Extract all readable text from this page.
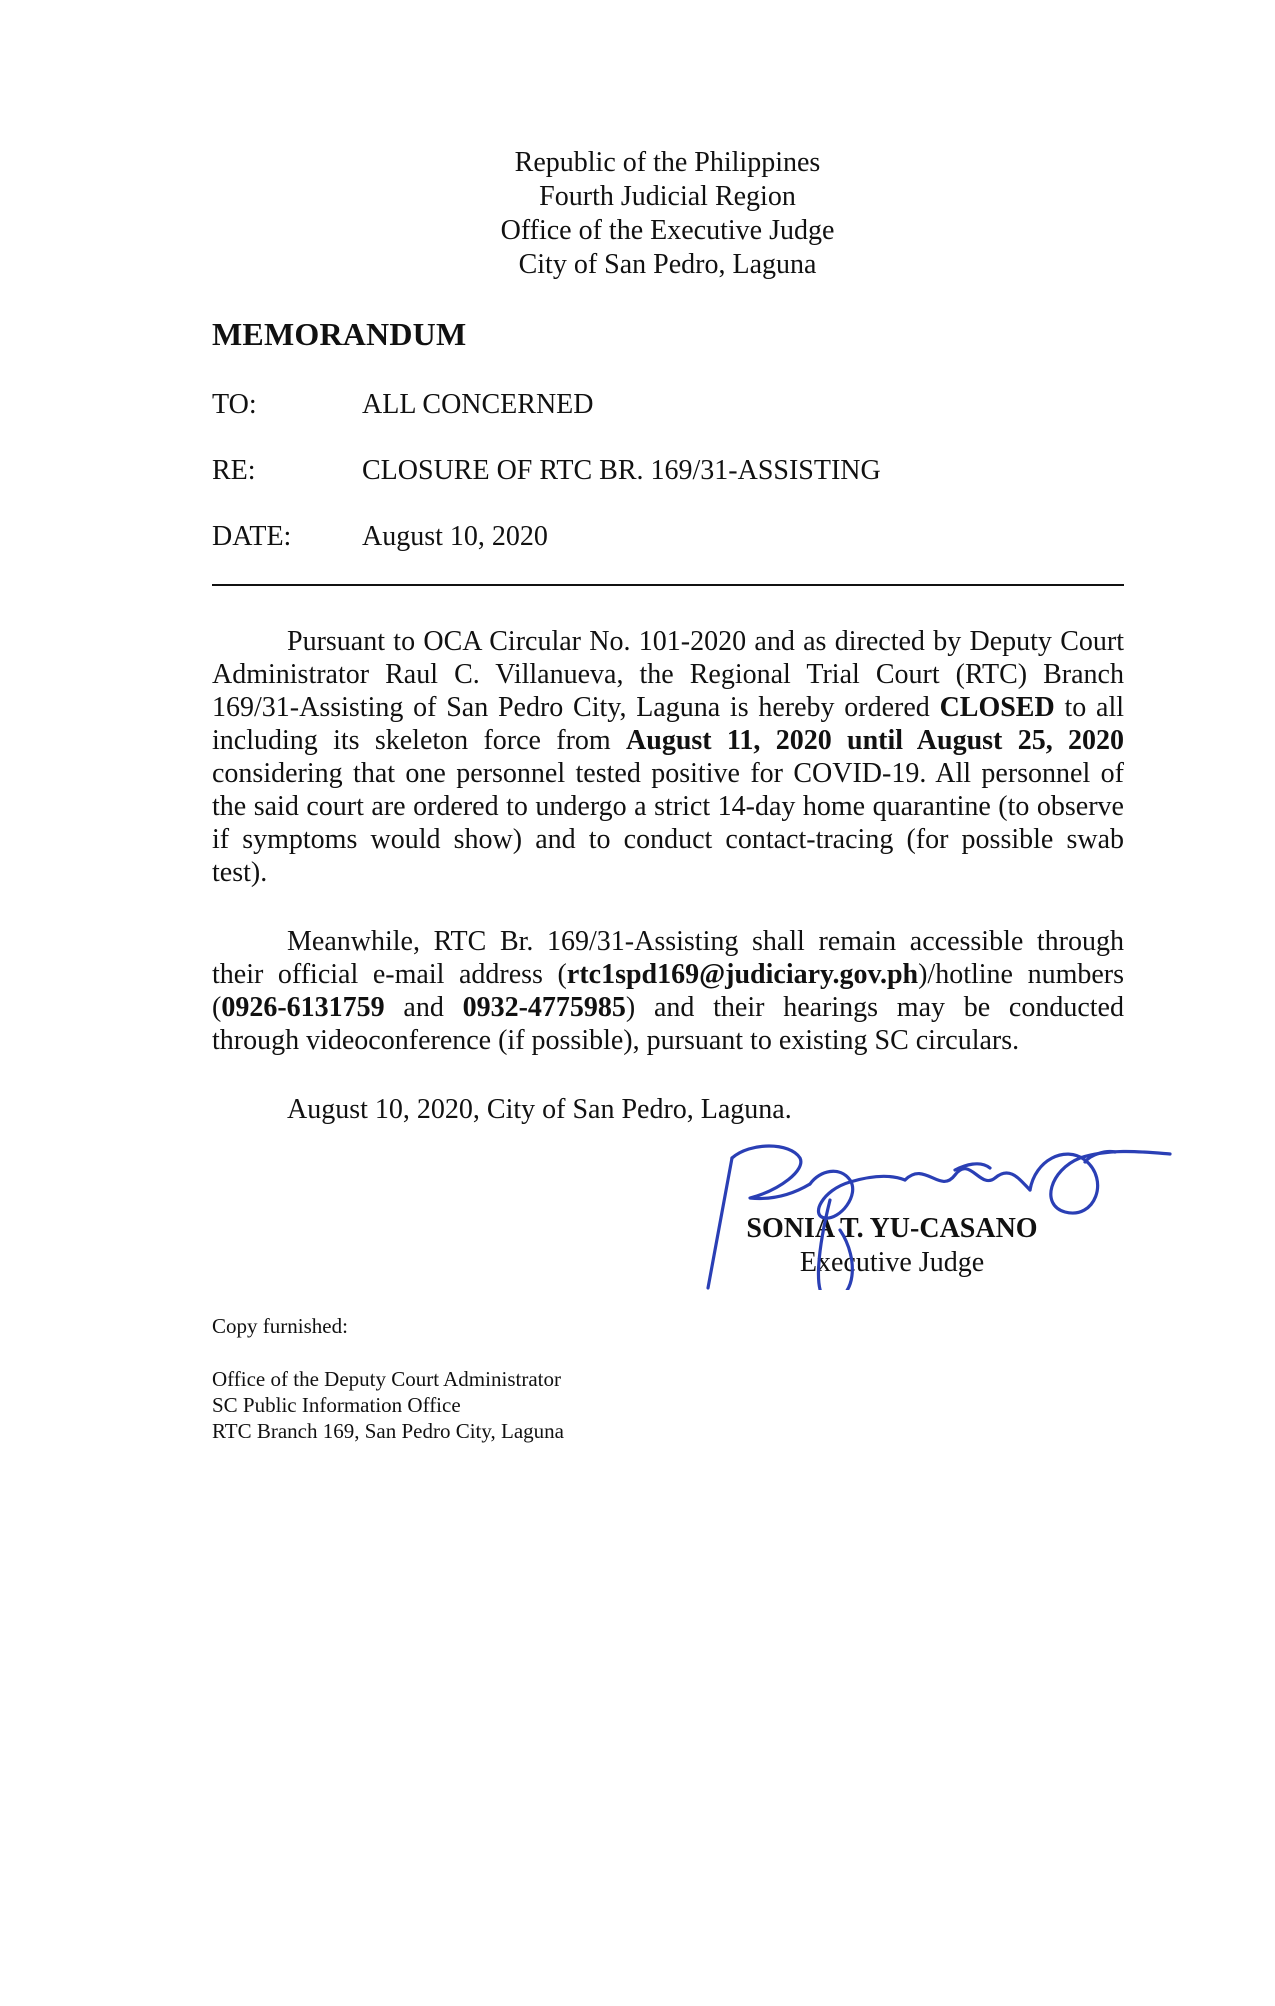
Republic of the Philippines
Fourth Judicial Region
Office of the Executive Judge
City of San Pedro, Laguna
MEMORANDUM
TO:	ALL CONCERNED
RE:	CLOSURE OF RTC BR. 169/31-ASSISTING
DATE:	August 10, 2020
Pursuant to OCA Circular No. 101-2020 and as directed by Deputy Court Administrator Raul C. Villanueva, the Regional Trial Court (RTC) Branch 169/31-Assisting of San Pedro City, Laguna is hereby ordered CLOSED to all including its skeleton force from August 11, 2020 until August 25, 2020 considering that one personnel tested positive for COVID-19. All personnel of the said court are ordered to undergo a strict 14-day home quarantine (to observe if symptoms would show) and to conduct contact-tracing (for possible swab test).
Meanwhile, RTC Br. 169/31-Assisting shall remain accessible through their official e-mail address (rtc1spd169@judiciary.gov.ph)/hotline numbers (0926-6131759 and 0932-4775985) and their hearings may be conducted through videoconference (if possible), pursuant to existing SC circulars.
August 10, 2020, City of San Pedro, Laguna.
SONIA T. YU-CASANO
Executive Judge
Copy furnished:
Office of the Deputy Court Administrator
SC Public Information Office
RTC Branch 169, San Pedro City, Laguna
